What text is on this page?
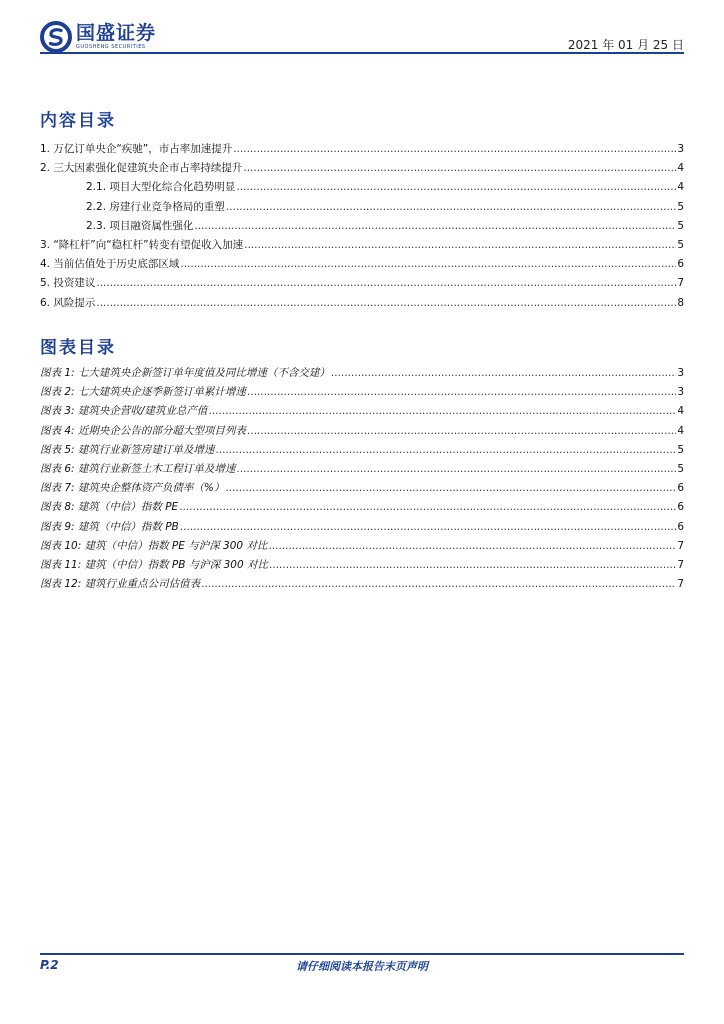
国盛证券
GUOSHENG SECURITIES	2021 年 01 月 25 日
内容目录
1. 万亿订单央企“疾驰”，市占率加速提升 .....	3
2. 三大因素强化促建筑央企市占率持续提升 .....	4
2.1. 项目大型化综合化趋势明显 .....	4
2.2. 房建行业竞争格局的重塑 .....	5
2.3. 项目融资属性强化 .....	5
3. “降杠杆”向“稳杠杆”转变有望促收入加速 .....	5
4. 当前估值处于历史底部区域 .....	6
5. 投资建议 .....	7
6. 风险提示 .....	8
图表目录
图表 1: 七大建筑央企新签订单年度值及同比增速（不含交建） .....	3
图表 2: 七大建筑央企逐季新签订单累计增速 .....	3
图表 3: 建筑央企营收/建筑业总产值 .....	4
图表 4: 近期央企公告的部分超大型项目列表 .....	4
图表 5: 建筑行业新签房建订单及增速 .....	5
图表 6: 建筑行业新签土木工程订单及增速 .....	5
图表 7: 建筑央企整体资产负债率（%） .....	6
图表 8: 建筑（中信）指数 PE .....	6
图表 9: 建筑（中信）指数 PB .....	6
图表 10: 建筑（中信）指数 PE 与沪深 300 对比 .....	7
图表 11: 建筑（中信）指数 PB 与沪深 300 对比 .....	7
图表 12: 建筑行业重点公司估值表 .....	7
P.2	请仔细阅读本报告末页声明
